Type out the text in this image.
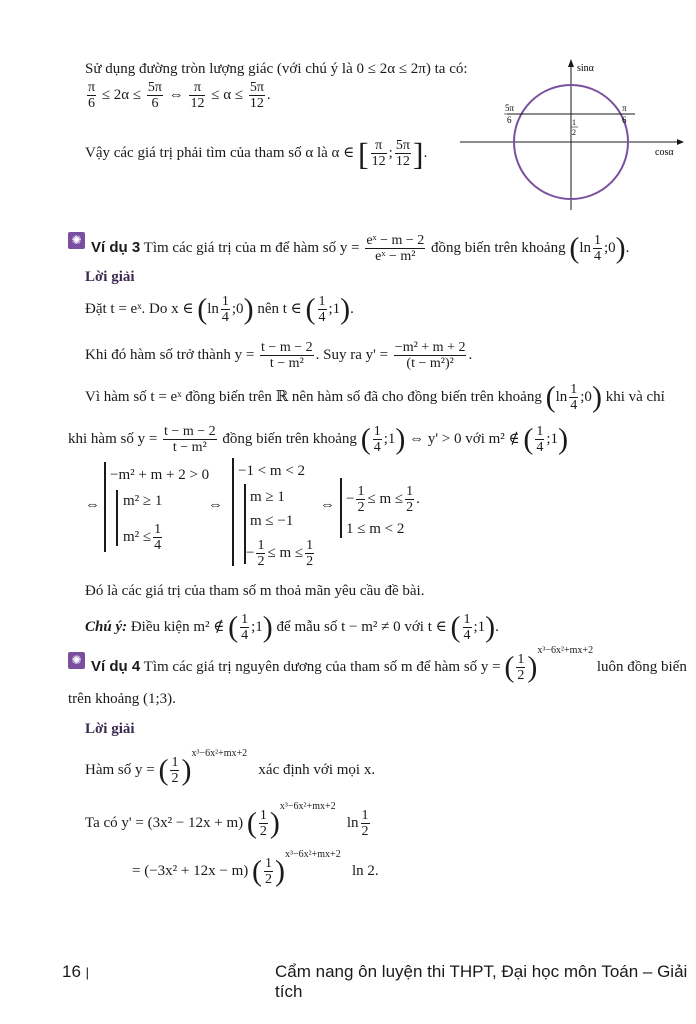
Sử dụng đường tròn lượng giác (với chú ý là 0 ≤ 2α ≤ 2π) ta có:
$\frac{\pi}{6} \le 2\alpha \le \frac{5\pi}{6}$ ⇔ $\frac{\pi}{12} \le \alpha \le \frac{5\pi}{12}$ .
Vậy các giá trị phải tìm của tham số α là α ∈ [ $\frac{\pi}{12}$ ; $\frac{5\pi}{12}$ ].
sinα
cosα
5π
6
π
6
1
2
✺ Ví dụ 3 Tìm các giá trị của m để hàm số $y = \frac{\text{eˣ − m − 2}}{\text{eˣ − m²}}$ đồng biến trên khoảng ($\ln \frac{1}{4}$ ;0).
Lời giải
Đặt t = eˣ. Do x ∈ ($\ln \frac{1}{4}$ ;0) nên t ∈ ( $\frac{1}{4}$ ;1).
Khi đó hàm số trở thành $y = \frac{t - m - 2}{\text{t − m²}}$ . Suy ra $y' = \frac{\text{−m² + m + 2}}{\text{(t − m²)²}}$ .
Vì hàm số t = eˣ đồng biến trên ℝ nên hàm số đã cho đồng biến trên khoảng ($\ln \frac{1}{4}$ ;0) khi và chỉ
khi hàm số $y = \frac{t - m - 2}{\text{t − m²}}$ đồng biến trên khoảng ( $\frac{1}{4}$ ;1) ⇔ y' > 0 với m² ∉ ( $\frac{1}{4}$ ;1)
⇔
−m² + m + 2 > 0
m² ≥ 1
$m^2 \le \frac{1}{4}$
⇔
−1 < m < 2
m ≥ 1
m ≤ −1
− $\frac{1}{2} \le m \le \frac{1}{2}$
⇔ − $\frac{1}{2} \le m \le \frac{1}{2}$ .
1 ≤ m < 2
Đó là các giá trị của tham số m thoả mãn yêu cầu đề bài.
Chú ý: Điều kiện m² ∉ ( $\frac{1}{4}$ ;1) để mẫu số t − m² ≠ 0 với t ∈ ( $\frac{1}{4}$ ;1).
✺ Ví dụ 4 Tìm các giá trị nguyên dương của tham số m để hàm số y = ( $\frac{1}{2} )^{x^3-6x^2+mx+2}$ luôn đồng biến
trên khoảng (1;3).
Lời giải
Hàm số y = ( $\frac{1}{2} )^{x^3-6x^2+mx+2}$   xác định với mọi x.
Ta có y' = (3x² − 12x + m) ( $\frac{1}{2} )^{x^3-6x^2+mx+2}$   $\ln \frac{1}{2}$
= (−3x² + 12x − m) ( $\frac{1}{2} )^{x^3-6x^2+mx+2}$   ln 2.
16 |	Cẩm nang ôn luyện thi THPT, Đại học môn Toán – Giải tích
